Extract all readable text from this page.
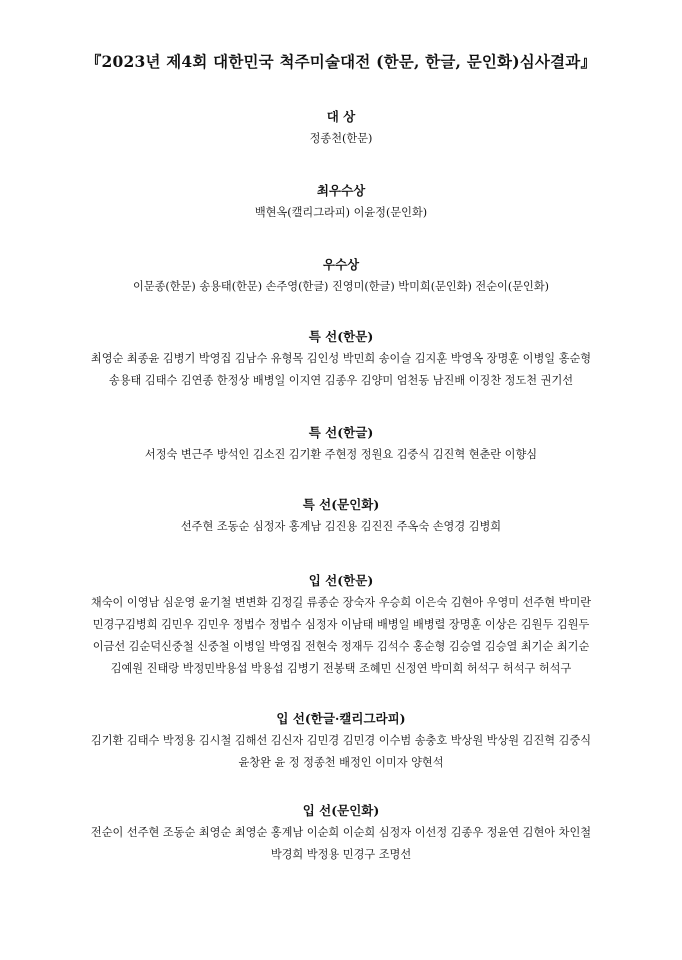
『2023년 제4회 대한민국 척주미술대전 (한문, 한글, 문인화)심사결과』
대 상
정종천(한문)
최우수상
백현옥(캘리그라피) 이윤정(문인화)
우수상
이문종(한문) 송용태(한문) 손주영(한글) 진영미(한글) 박미희(문인화) 전순이(문인화)
특 선(한문)
최영순 최종윤 김병기 박영집 김남수 유형목 김인성 박민희 송이슬 김지훈 박영옥 장명훈 이병일 홍순형
송용태 김태수 김연종 한정상 배병일 이지연 김종우 김양미 엄천동 남진배 이징찬 정도천 권기선
특 선(한글)
서정숙 변근주 방석인 김소진 김기환 주현정 정원요 김중식 김진혁 현춘란 이향심
특 선(문인화)
선주현 조동순 심정자 홍계남 김진용 김진진 주옥숙 손영경 김병희
입 선(한문)
채숙이 이영남 심운영 윤기철 변변화 김정길 류종순 장숙자 우승희 이은숙 김현아 우영미 선주현 박미란
민경구김병희 김민우 김민우 정법수 정법수 심정자 이남태 배병일 배병렬 장명훈 이상은 김원두 김원두
이금선 김순덕신중철 신중철 이병일 박영집 전현숙 정재두 김석수 홍순형 김승열 김승열 최기순 최기순
김예원 진태랑 박정민박용섭 박용섭 김병기 전봉택 조혜민 신정연 박미희 허석구 허석구 허석구
입 선(한글·캘리그라피)
김기환 김태수 박정용 김시철 김해선 김신자 김민경 김민경 이수범 송충호 박상원 박상원 김진혁 김중식
윤창완 윤 정 정종천 배정인 이미자 양현석
입 선(문인화)
전순이 선주현 조동순 최영순 최영순 홍계남 이순희 이순희 심정자 이선정 김종우 정윤연 김현아 차인철
박경희 박정용 민경구 조명선
